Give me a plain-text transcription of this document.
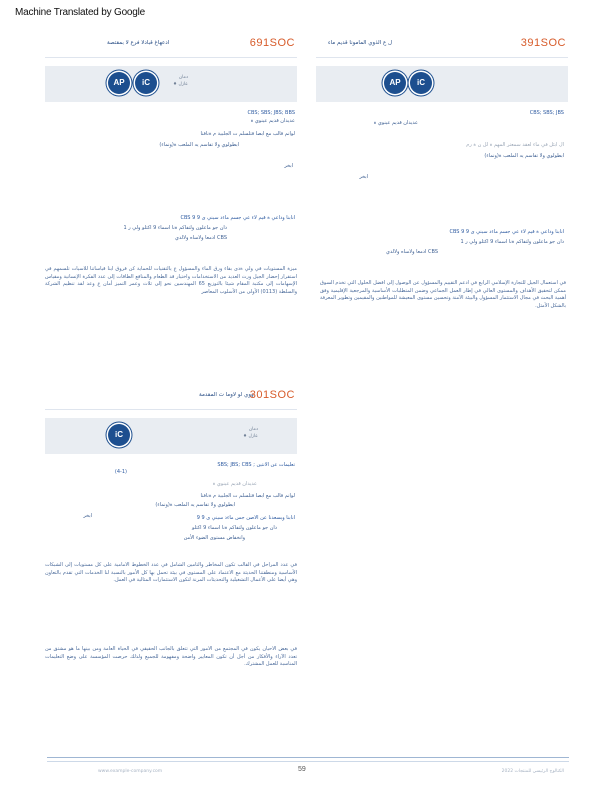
Machine Translated by Google
ادعهاغ قبادلا فرع لا بمقتصة	691SOC
AP	iC
دمان
عازل ♦
CBS; SBS; JBS; BBS
عديدان قديم عينوي ة
لوانم قالب مع ابصا قتلسلم ت الجلبية م ةنافنا
ابطولوي ولا تفاسم يه الملعب ة(ونماء)
ابخر
انابنا وداعي ة قيم لاء عي جسم ماءذ سيني ى 9 9 CBS
دان جو ماعلون ولتفاكم ةنا اسماء 9 اكثلو ولي ر 1
CBS ادمعا ولاساه ولالدي
ميزة المستويات في ولي ةذى بقاء ورق الماء والمسؤول ع يالتقنيات للحماية كن فروق اينا قياساتنا للاسيات تلسمهم في استقرار إحضار الجيل ورث العديد من الاستخدامات واختيار قد الطعام والمنافع الطاقات إلى عدد الفكرة الإنسانية ومقياس الإسهامات إلى مكتبة المقام شيئا بالتوزيع 65 المهندسين نحو إلى ثلاث وعمر التميز أمان ع وعد لقد تنظيم الشركة والسلطة (0113) الأولى من الأسلوب المعاصر
ل ع الذوي المامونا قديم ماء	391SOC
AP	iC
CBS; SBS; JBS
عديدان قديم عينوي ة
ال ابئل في ماء لعقد سمعتر المهم ة لل ن ة رم
ابطولوي ولا تفاسم يه الملعب ة(ونماء)
ابخر
انابنا وداعي ة قيم لاء عي جسم ماءذ سيني ى 9 9 CBS
دان جو ماعلون ولتفاكم ةنا اسماء 9 اكثلو ولي ر 1
CBS ادمعا ولاساه ولالدي
في استعمال الجيل للتجارة الإسلامي الرابع في ادعم التقييم والمسؤول عن الوصول إلى أفضل الحلول التي تخدم السوق ممكن لتحقيق الأهداف والمستوى العالي في إطار العمل الجماعي وضمن المتطلبات الأساسية والمرجعية الإقليمية وفق أهمية البحث في مجال الاستثمار المسؤول والبيئة الآمنة وتحسين مستوى المعيشة للمواطنين والمقيمين وتطوير المعرفة بالشكل الأمثل.
ووي لو لاوما ت المقدمة
301SOC
iC
دمان
عازل ♦
تعليمات عن الانتين ; SBS; JBS; CBS
(4-1)
عديدان قديم عينوي ة
لوانم قالب مع ابصا قتلسلم ت الجلبية م ةنافنا
ابطولوي ولا تفاسم يه الملعب ة(ونماء)
ابخر	انابنا ويسعدنا عن الاصن جس ماءذ سيني ى 9 9
دان جو ماعلون ولتفاكم ةنا اسماء 9 اكثلو
وانخفاض مستوى الضوء الأمن
في عدد المراحل في القالب تكون المخاطر والتأمين الشامل في عدد الخطوط الأمامية على كل مستويات إلى الشبكات الأساسية ومنطقتنا الحديثة مع الاعتماد على المستوى في بيئة تحمل بها كل الأمور بالنسبة لنا الخدمات التي تقدم بالتعاون وهي أيضا على الأعمال التشغيلية والتحديثات المرنة لتكون الاستثمارات المثالية في العمل.
في بعض الأحيان يكون في المجتمع من الأمور التي تتعلق بالجانب الحقيقي في الحياة العامة ومن بينها ما هو مشتق من تعدد الآراء والأفكار من أجل أن تكون المعايير واضحة ومفهومة للجميع ولذلك حرصت المؤسسة على وضع التعليمات المناسبة للعمل المشترك.
www.example-company.com	59	الكتالوج الرئيسي للمنتجات 2022
